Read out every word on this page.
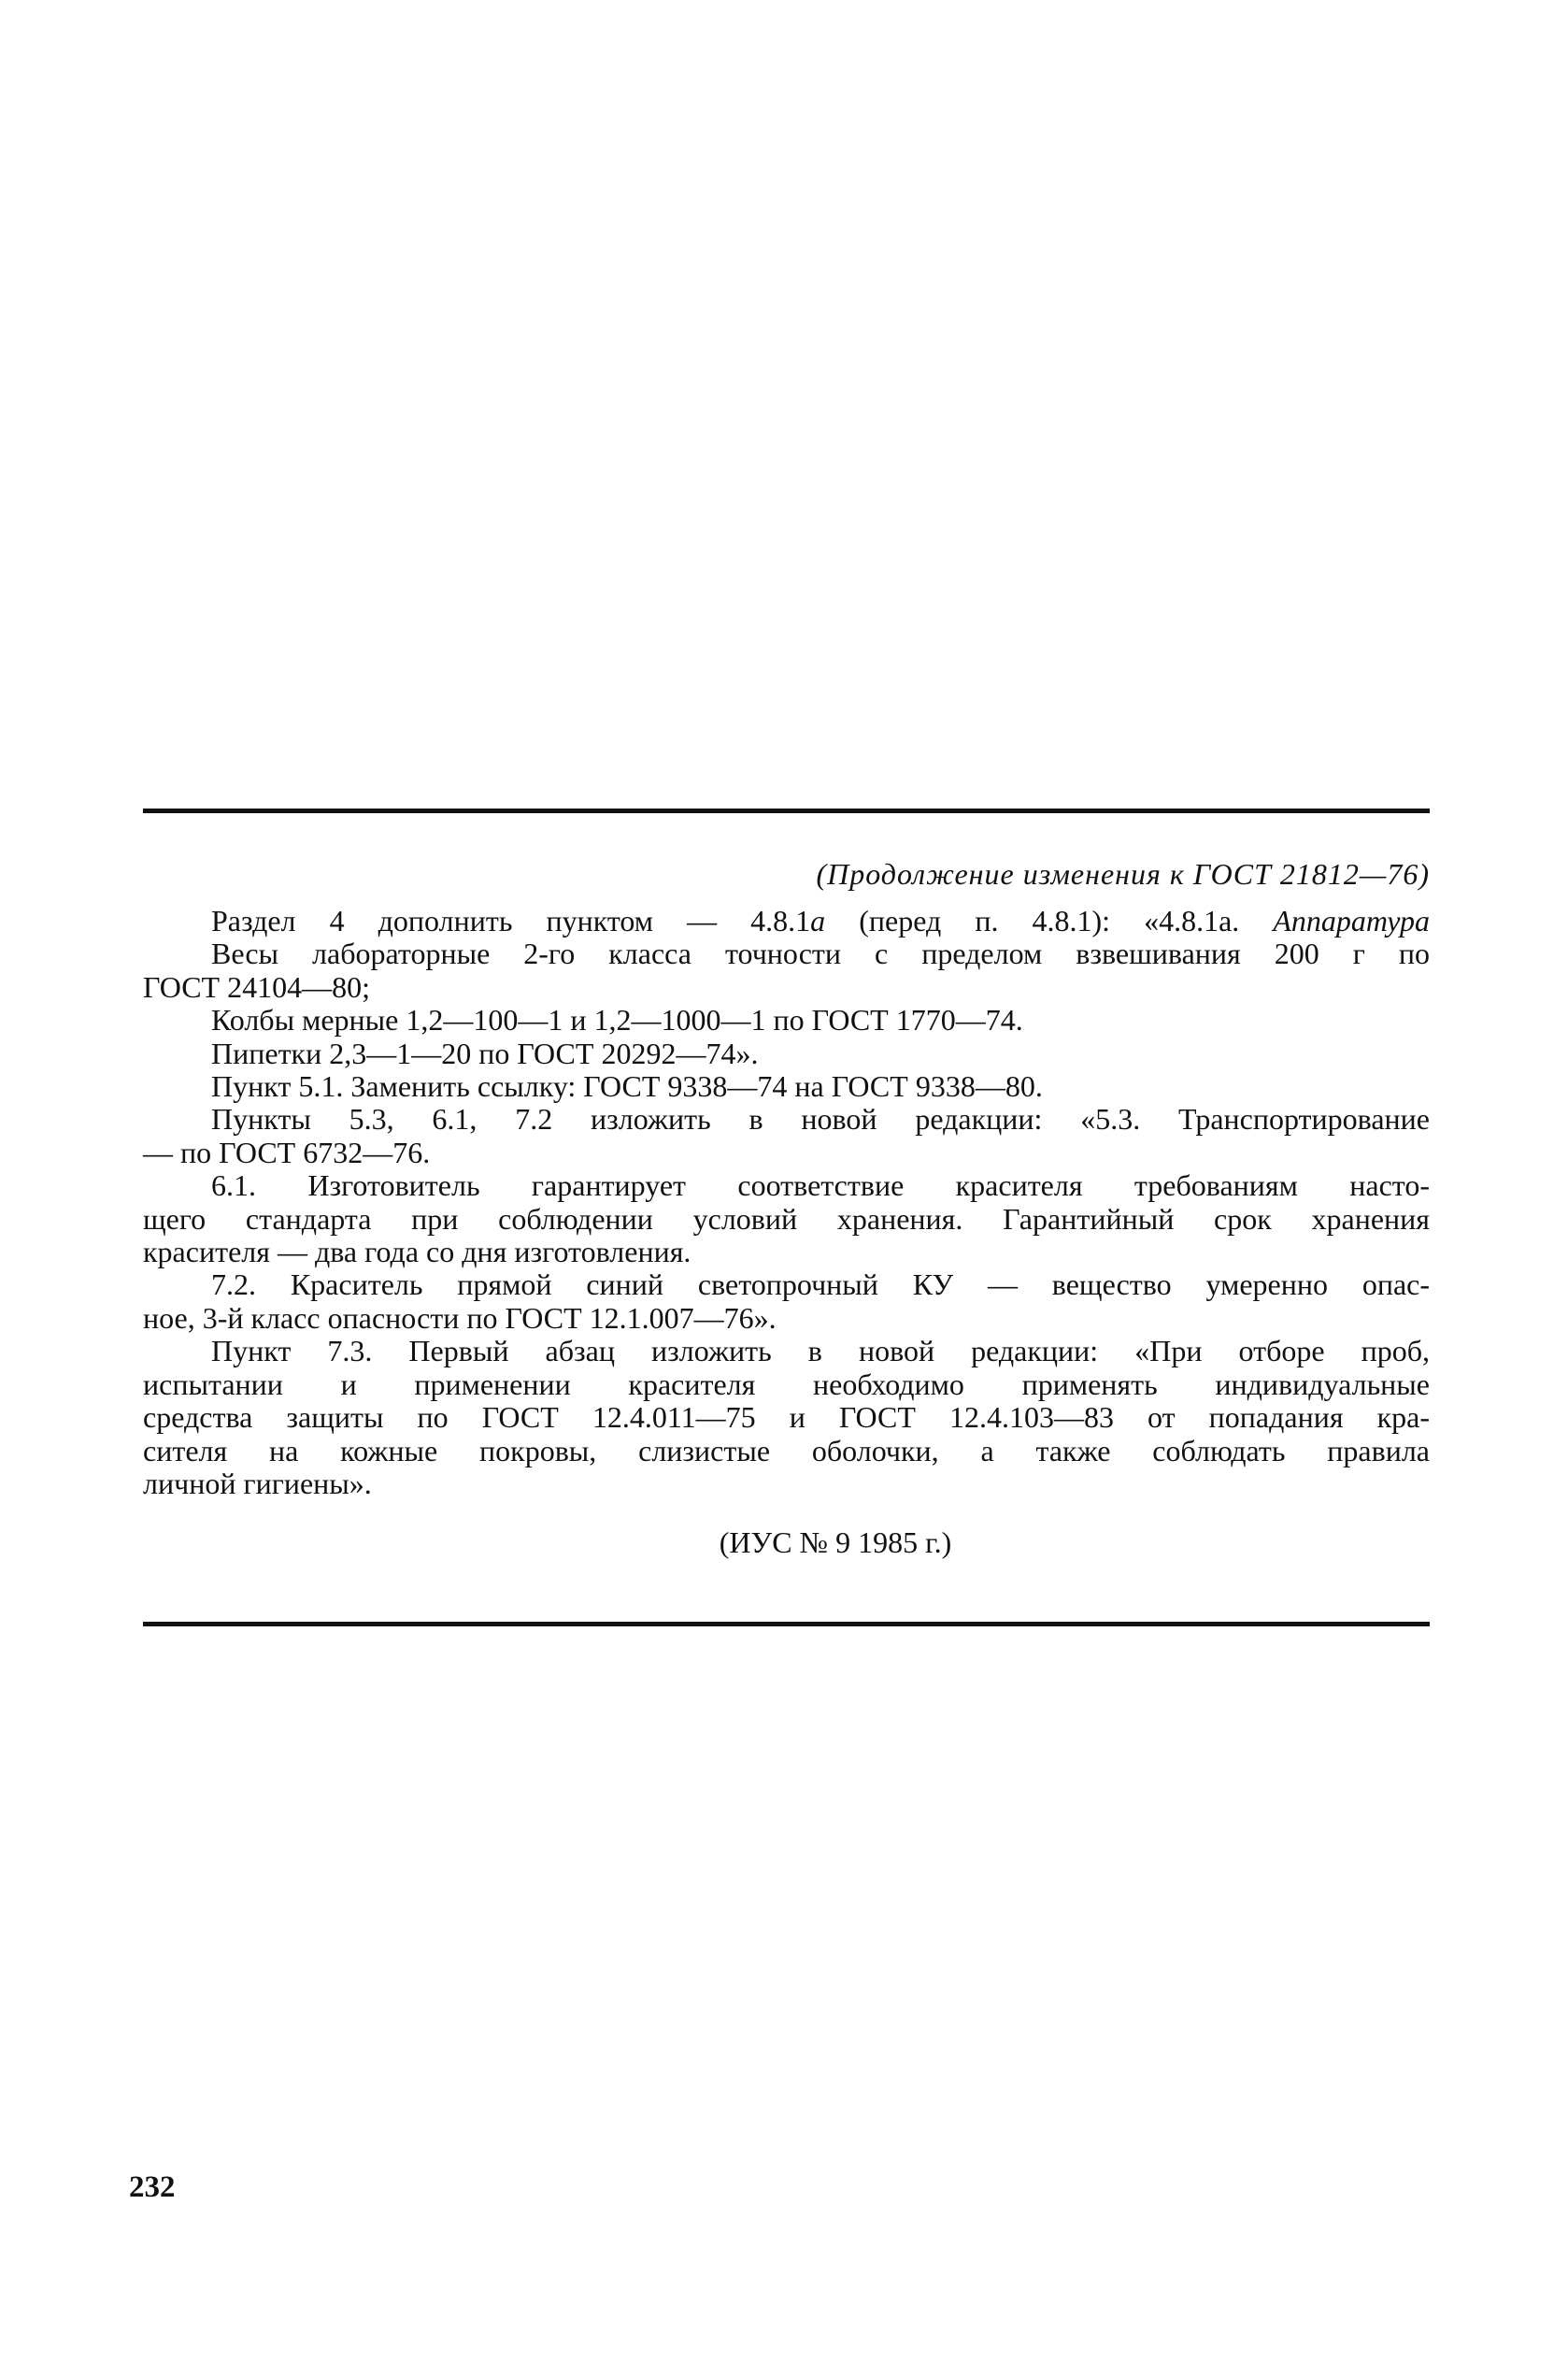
(Продолжение изменения к ГОСТ 21812—76)
Раздел 4 дополнить пунктом — 4.8.1а (перед п. 4.8.1): «4.8.1а. Аппаратура
Весы лабораторные 2-го класса точности с пределом взвешивания 200 г по
ГОСТ 24104—80;
Колбы мерные 1,2—100—1 и 1,2—1000—1 по ГОСТ 1770—74.
Пипетки 2,3—1—20 по ГОСТ 20292—74».
Пункт 5.1. Заменить ссылку: ГОСТ 9338—74 на ГОСТ 9338—80.
Пункты 5.3, 6.1, 7.2 изложить в новой редакции: «5.3. Транспортирование
— по ГОСТ 6732—76.
6.1. Изготовитель гарантирует соответствие красителя требованиям насто-
щего стандарта при соблюдении условий хранения. Гарантийный срок хранения
красителя — два года со дня изготовления.
7.2. Краситель прямой синий светопрочный КУ — вещество умеренно опас-
ное, 3-й класс опасности по ГОСТ 12.1.007—76».
Пункт 7.3. Первый абзац изложить в новой редакции: «При отборе проб,
испытании и применении красителя необходимо применять индивидуальные
средства защиты по ГОСТ 12.4.011—75 и ГОСТ 12.4.103—83 от попадания кра-
сителя на кожные покровы, слизистые оболочки, а также соблюдать правила
личной гигиены».
(ИУС № 9 1985 г.)
232
